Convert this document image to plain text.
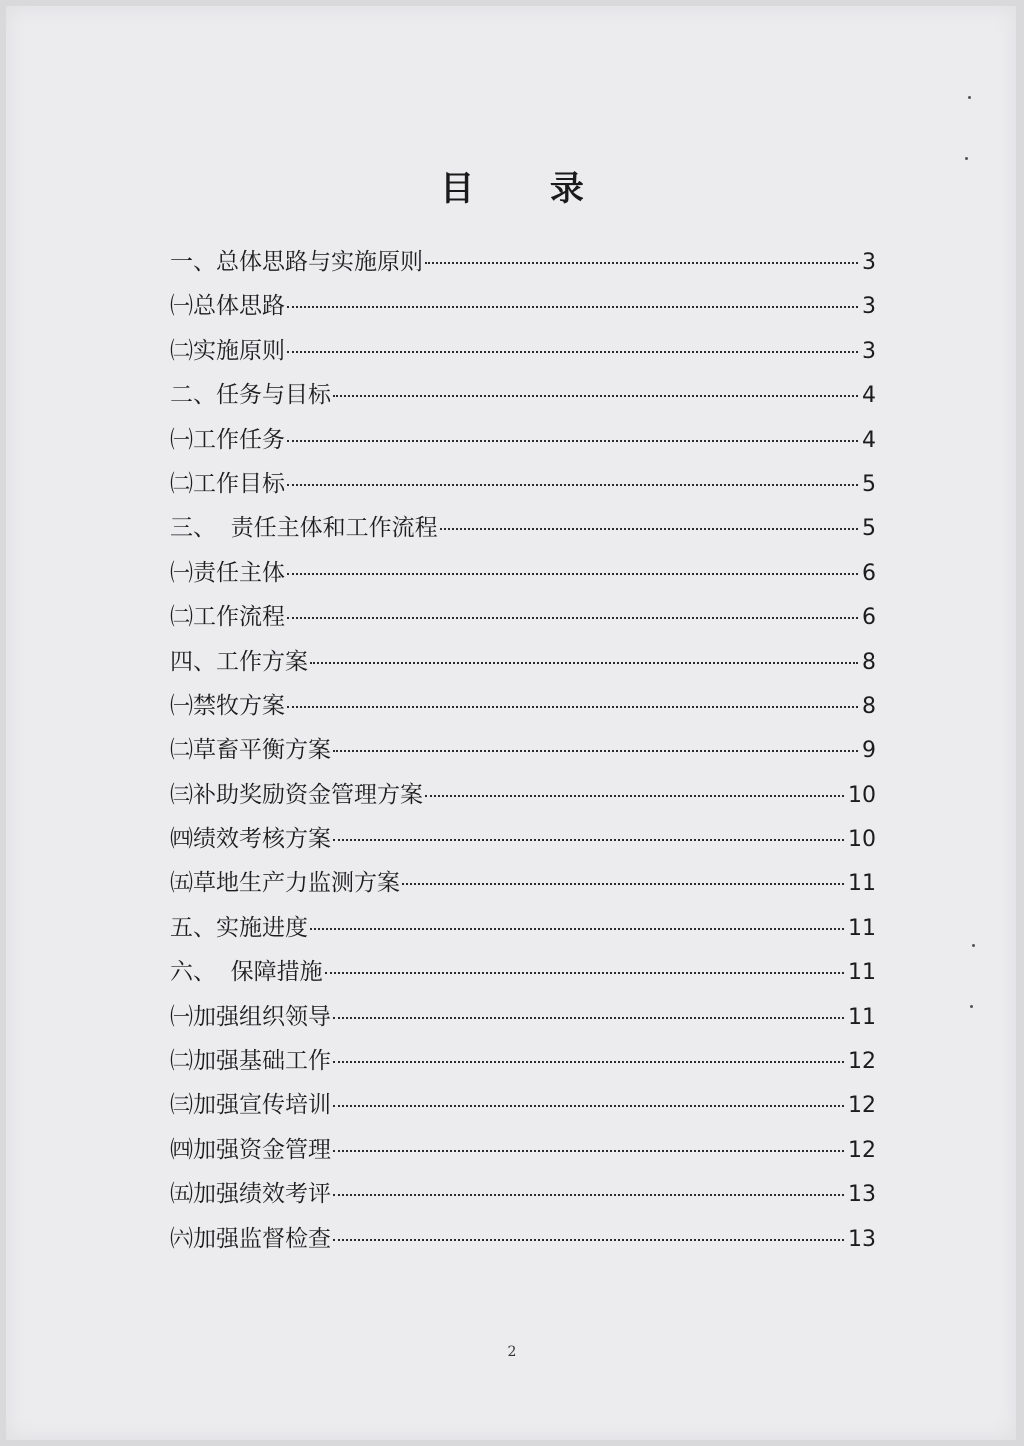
目 录
一、总体思路与实施原则	3
㈠总体思路	3
㈡实施原则	3
二、任务与目标	4
㈠工作任务	4
㈡工作目标	5
三、  责任主体和工作流程	5
㈠责任主体	6
㈡工作流程	6
四、工作方案	8
㈠禁牧方案	8
㈡草畜平衡方案	9
㈢补助奖励资金管理方案	10
㈣绩效考核方案	10
㈤草地生产力监测方案	11
五、实施进度	11
六、  保障措施	11
㈠加强组织领导	11
㈡加强基础工作	12
㈢加强宣传培训	12
㈣加强资金管理	12
㈤加强绩效考评	13
㈥加强监督检查	13
2
